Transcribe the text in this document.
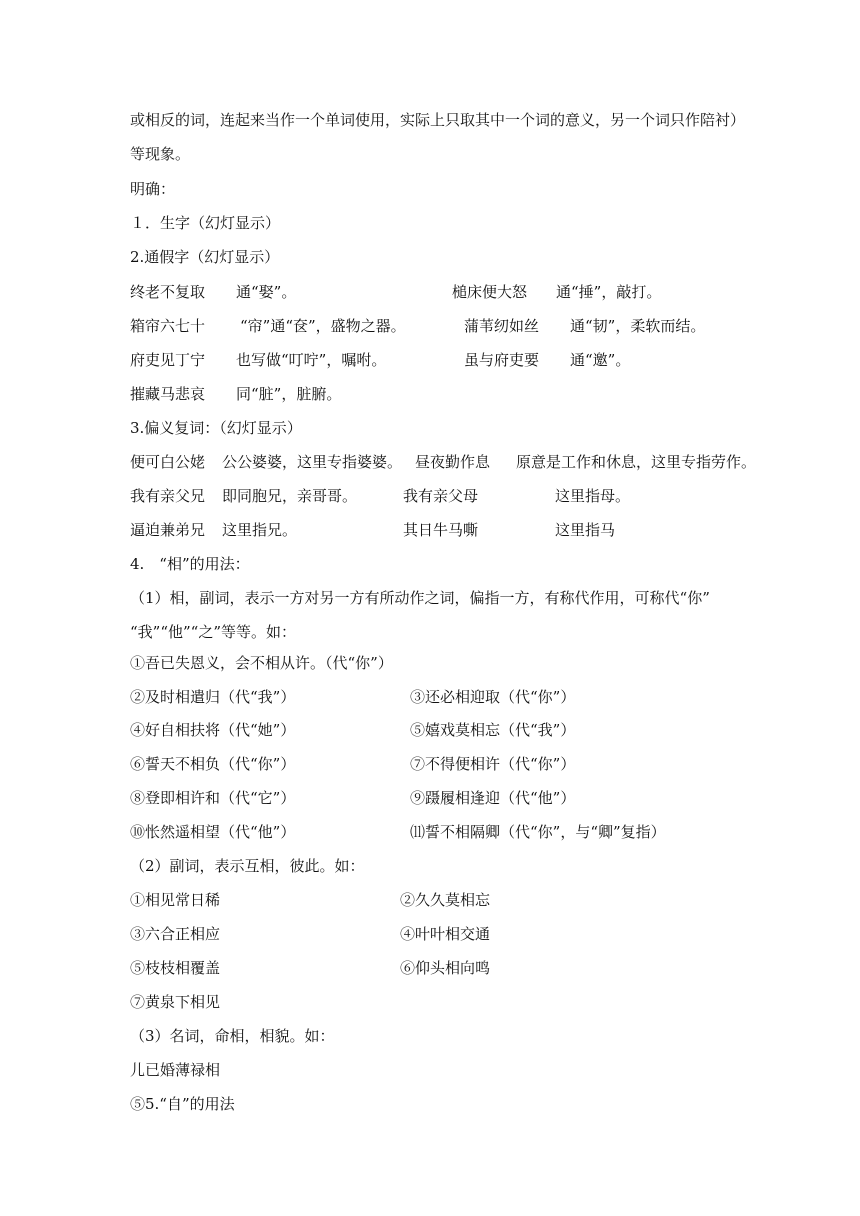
或相反的词，连起来当作一个单词使用，实际上只取其中一个词的意义，另一个词只作陪衬）
等现象。
明确：
１．生字（幻灯显示）
2.通假字（幻灯显示）
终老不复取 通“娶”。	槌床便大怒 通“捶”，敲打。
箱帘六七十 “帘”通“奁”，盛物之器。	蒲苇纫如丝 通“韧”，柔软而结。
府吏见丁宁 也写做“叮咛”，嘱咐。	虽与府吏要 通“邀”。
摧藏马悲哀 同“脏”，脏腑。
3.偏义复词：（幻灯显示）
便可白公姥 公公婆婆，这里专指婆婆。 昼夜勤作息 原意是工作和休息，这里专指劳作。
我有亲父兄 即同胞兄，亲哥哥。	我有亲父母	这里指母。
逼迫兼弟兄 这里指兄。	其日牛马嘶	这里指马
4.　“相”的用法：
（1）相，副词，表示一方对另一方有所动作之词，偏指一方，有称代作用，可称代“你”
“我”“他”“之”等等。如：
①吾已失恩义，会不相从许。（代“你”）
②及时相遣归（代“我”）	③还必相迎取（代“你”）
④好自相扶将（代“她”）	⑤嬉戏莫相忘（代“我”）
⑥誓天不相负（代“你”）	⑦不得便相许（代“你”）
⑧登即相许和（代“它”）	⑨蹑履相逢迎（代“他”）
⑩怅然遥相望（代“他”）	⑾誓不相隔卿（代“你”，与“卿”复指）
（2）副词，表示互相，彼此。如：
①相见常日稀	②久久莫相忘
③六合正相应	④叶叶相交通
⑤枝枝相覆盖	⑥仰头相向鸣
⑦黄泉下相见
（3）名词，命相，相貌。如：
儿已婚薄禄相
⑤5.“自”的用法
